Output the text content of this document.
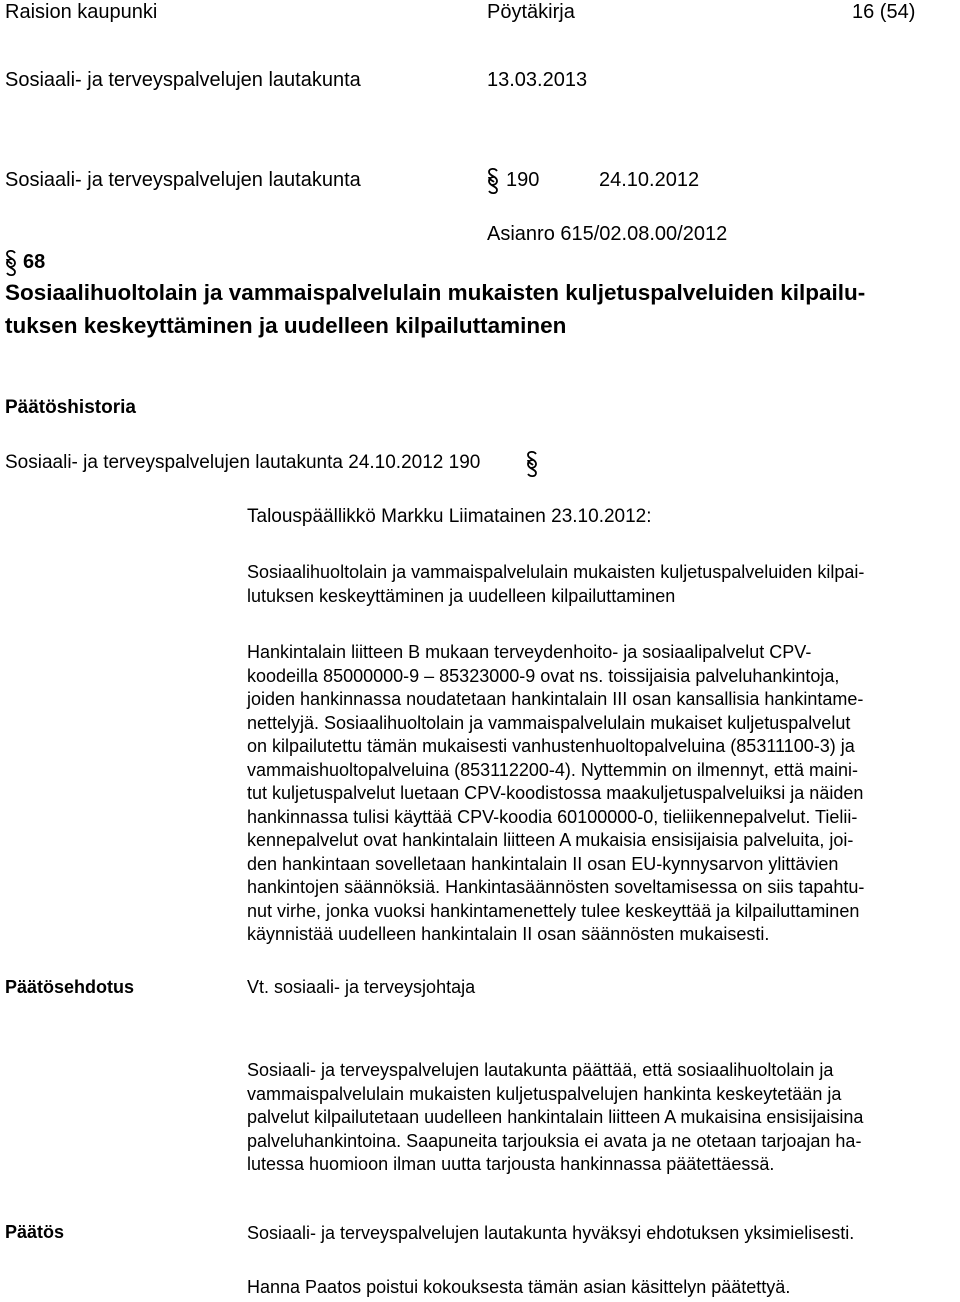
Raision kaupunki	Pöytäkirja	16 (54)
Sosiaali- ja terveyspalvelujen lautakunta	13.03.2013
Sosiaali- ja terveyspalvelujen lautakunta	190	24.10.2012
Asianro 615/02.08.00/2012
68
Sosiaalihuoltolain ja vammaispalvelulain mukaisten kuljetuspalveluiden kilpailu-
tuksen keskeyttäminen ja uudelleen kilpailuttaminen
Päätöshistoria
Sosiaali- ja terveyspalvelujen lautakunta 24.10.2012 190
Talouspäällikkö Markku Liimatainen 23.10.2012:
Sosiaalihuoltolain ja vammaispalvelulain mukaisten kuljetuspalveluiden kilpai-
lutuksen keskeyttäminen ja uudelleen kilpailuttaminen
Hankintalain liitteen B mukaan terveydenhoito- ja sosiaalipalvelut CPV-
koodeilla 85000000-9 – 85323000-9 ovat ns. toissijaisia palveluhankintoja,
joiden hankinnassa noudatetaan hankintalain III osan kansallisia hankintame-
nettelyjä. Sosiaalihuoltolain ja vammaispalvelulain mukaiset kuljetuspalvelut
on kilpailutettu tämän mukaisesti vanhustenhuoltopalveluina (85311100-3) ja
vammaishuoltopalveluina (853112200-4). Nyttemmin on ilmennyt, että maini-
tut kuljetuspalvelut luetaan CPV-koodistossa maakuljetuspalveluiksi ja näiden
hankinnassa tulisi käyttää CPV-koodia 60100000-0, tieliikennepalvelut. Tielii-
kennepalvelut ovat hankintalain liitteen A mukaisia ensisijaisia palveluita, joi-
den hankintaan sovelletaan hankintalain II osan EU-kynnysarvon ylittävien
hankintojen säännöksiä. Hankintasäännösten soveltamisessa on siis tapahtu-
nut virhe, jonka vuoksi hankintamenettely tulee keskeyttää ja kilpailuttaminen
käynnistää uudelleen hankintalain II osan säännösten mukaisesti.
Päätösehdotus	Vt. sosiaali- ja terveysjohtaja
Sosiaali- ja terveyspalvelujen lautakunta päättää, että sosiaalihuoltolain ja
vammaispalvelulain mukaisten kuljetuspalvelujen hankinta keskeytetään ja
palvelut kilpailutetaan uudelleen hankintalain liitteen A mukaisina ensisijaisina
palveluhankintoina. Saapuneita tarjouksia ei avata ja ne otetaan tarjoajan ha-
lutessa huomioon ilman uutta tarjousta hankinnassa päätettäessä.
Päätös	Sosiaali- ja terveyspalvelujen lautakunta hyväksyi ehdotuksen yksimielisesti.
Hanna Paatos poistui kokouksesta tämän asian käsittelyn päätettyä.
